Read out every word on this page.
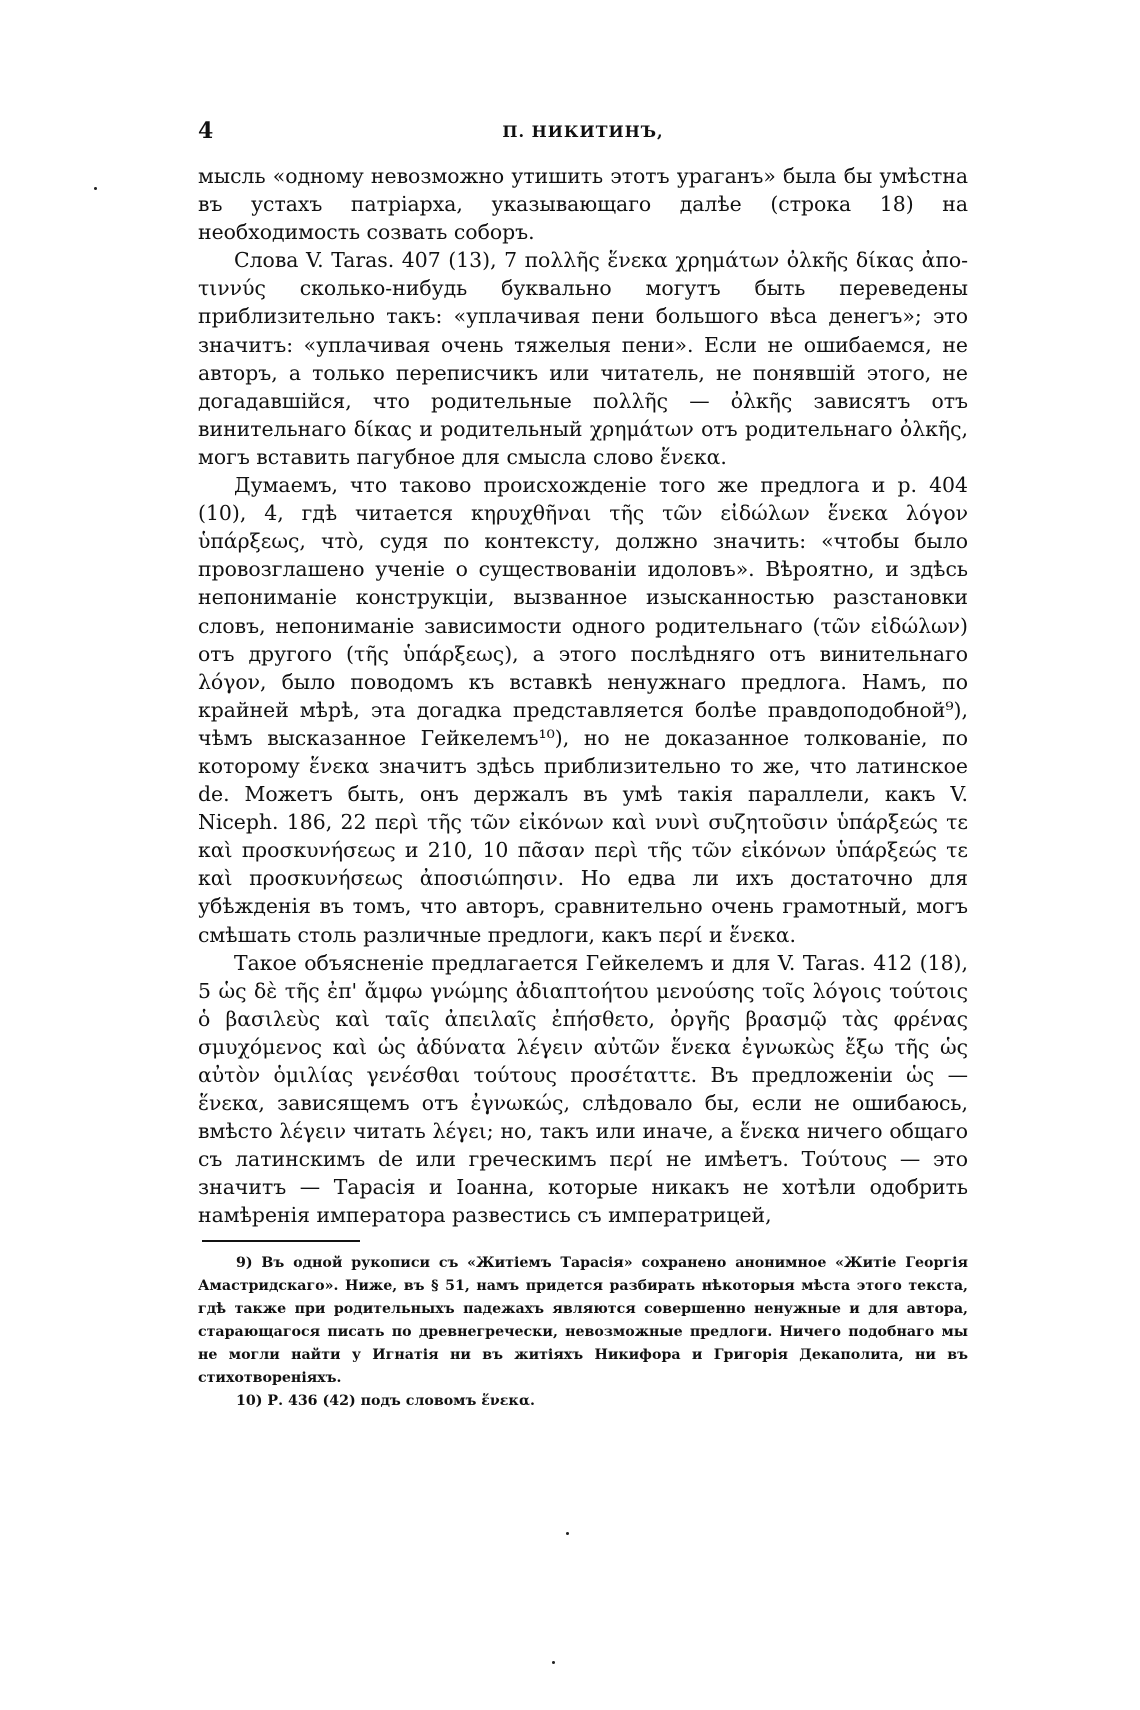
4	П. НИКИТИНЪ,

мысль «одному невозможно утишить этотъ ураганъ» была бы умѣстна въ устахъ патріарха, указывающаго далѣе (строка 18) на необходимость созвать соборъ.

Слова V. Taras. 407 (13), 7 πολλῆς ἕνεκα χρημάτων ὀλκῆς δίκας ἀποτιννύς сколько-нибудь буквально могутъ быть переведены приблизительно такъ: «уплачивая пени большого вѣса денегъ»; это значитъ: «уплачивая очень тяжелыя пени». Если не ошибаемся, не авторъ, а только переписчикъ или читатель, не понявшій этого, не догадавшійся, что родительные πολλῆς — ὀλκῆς зависятъ отъ винительнаго δίκας и родительный χρημάτων отъ родительнаго ὀλκῆς, могъ вставить пагубное для смысла слово ἕνεκα.

Думаемъ, что таково происхожденіе того же предлога и р. 404 (10), 4, гдѣ читается κηρυχθῆναι τῆς τῶν εἰδώλων ἕνεκα λόγον ὑπάρξεως, что̀, судя по контексту, должно значить: «чтобы было провозглашено ученіе о существованіи идоловъ». Вѣроятно, и здѣсь непониманіе конструкціи, вызванное изысканностью разстановки словъ, непониманіе зависимости одного родительнаго (τῶν εἰδώλων) отъ другого (τῆς ὑπάρξεως), а этого послѣдняго отъ винительнаго λόγον, было поводомъ къ вставкѣ ненужнаго предлога. Намъ, по крайней мѣрѣ, эта догадка представляется болѣе правдоподобной⁹), чѣмъ высказанное Гейкелемъ¹⁰), но не доказанное толкованіе, по которому ἕνεκα значитъ здѣсь приблизительно то же, что латинское de. Можетъ быть, онъ держалъ въ умѣ такія параллели, какъ V. Niceph. 186, 22 περὶ τῆς τῶν εἰκόνων καὶ νυνὶ συζητοῦσιν ὑπάρξεώς τε καὶ προσκυνήσεως и 210, 10 πᾶσαν περὶ τῆς τῶν εἰκόνων ὑπάρξεώς τε καὶ προσκυνήσεως ἀποσιώπησιν. Но едва ли ихъ достаточно для убѣжденія въ томъ, что авторъ, сравнительно очень грамотный, могъ смѣшать столь различные предлоги, какъ περί и ἕνεκα.

Такое объясненіе предлагается Гейкелемъ и для V. Taras. 412 (18), 5 ὡς δὲ τῆς ἐπ' ἄμφω γνώμης ἀδιαπτοήτου μενούσης τοῖς λόγοις τούτοις ὁ βασιλεὺς καὶ ταῖς ἀπειλαῖς ἐπήσθετο, ὀργῆς βρασμῷ τὰς φρένας σμυχόμενος καὶ ὡς ἀδύνατα λέγειν αὐτῶν ἕνεκα ἐγνωκὼς ἔξω τῆς ὡς αὐτὸν ὁμιλίας γενέσθαι τούτους προσέταττε. Въ предложеніи ὡς — ἕνεκα, зависящемъ отъ ἐγνωκώς, слѣдовало бы, если не ошибаюсь, вмѣсто λέγειν читать λέγει; но, такъ или иначе, а ἕνεκα ничего общаго съ латинскимъ de или греческимъ περί не имѣетъ. Τούτους — это значитъ — Тарасія и Іоанна, которые никакъ не хотѣли одобрить намѣренія императора развестись съ императрицей,

9) Въ одной рукописи съ «Житіемъ Тарасія» сохранено анонимное «Житіе Георгія Амастридскаго». Ниже, въ § 51, намъ придется разбирать нѣкоторыя мѣста этого текста, гдѣ также при родительныхъ падежахъ являются совершенно ненужные и для автора, старающагося писать по древнегречески, невозможные предлоги. Ничего подобнаго мы не могли найти у Игнатія ни въ житіяхъ Никифора и Григорія Декаполита, ни въ стихотвореніяхъ.

10) Р. 436 (42) подъ словомъ ἕνεκα.
